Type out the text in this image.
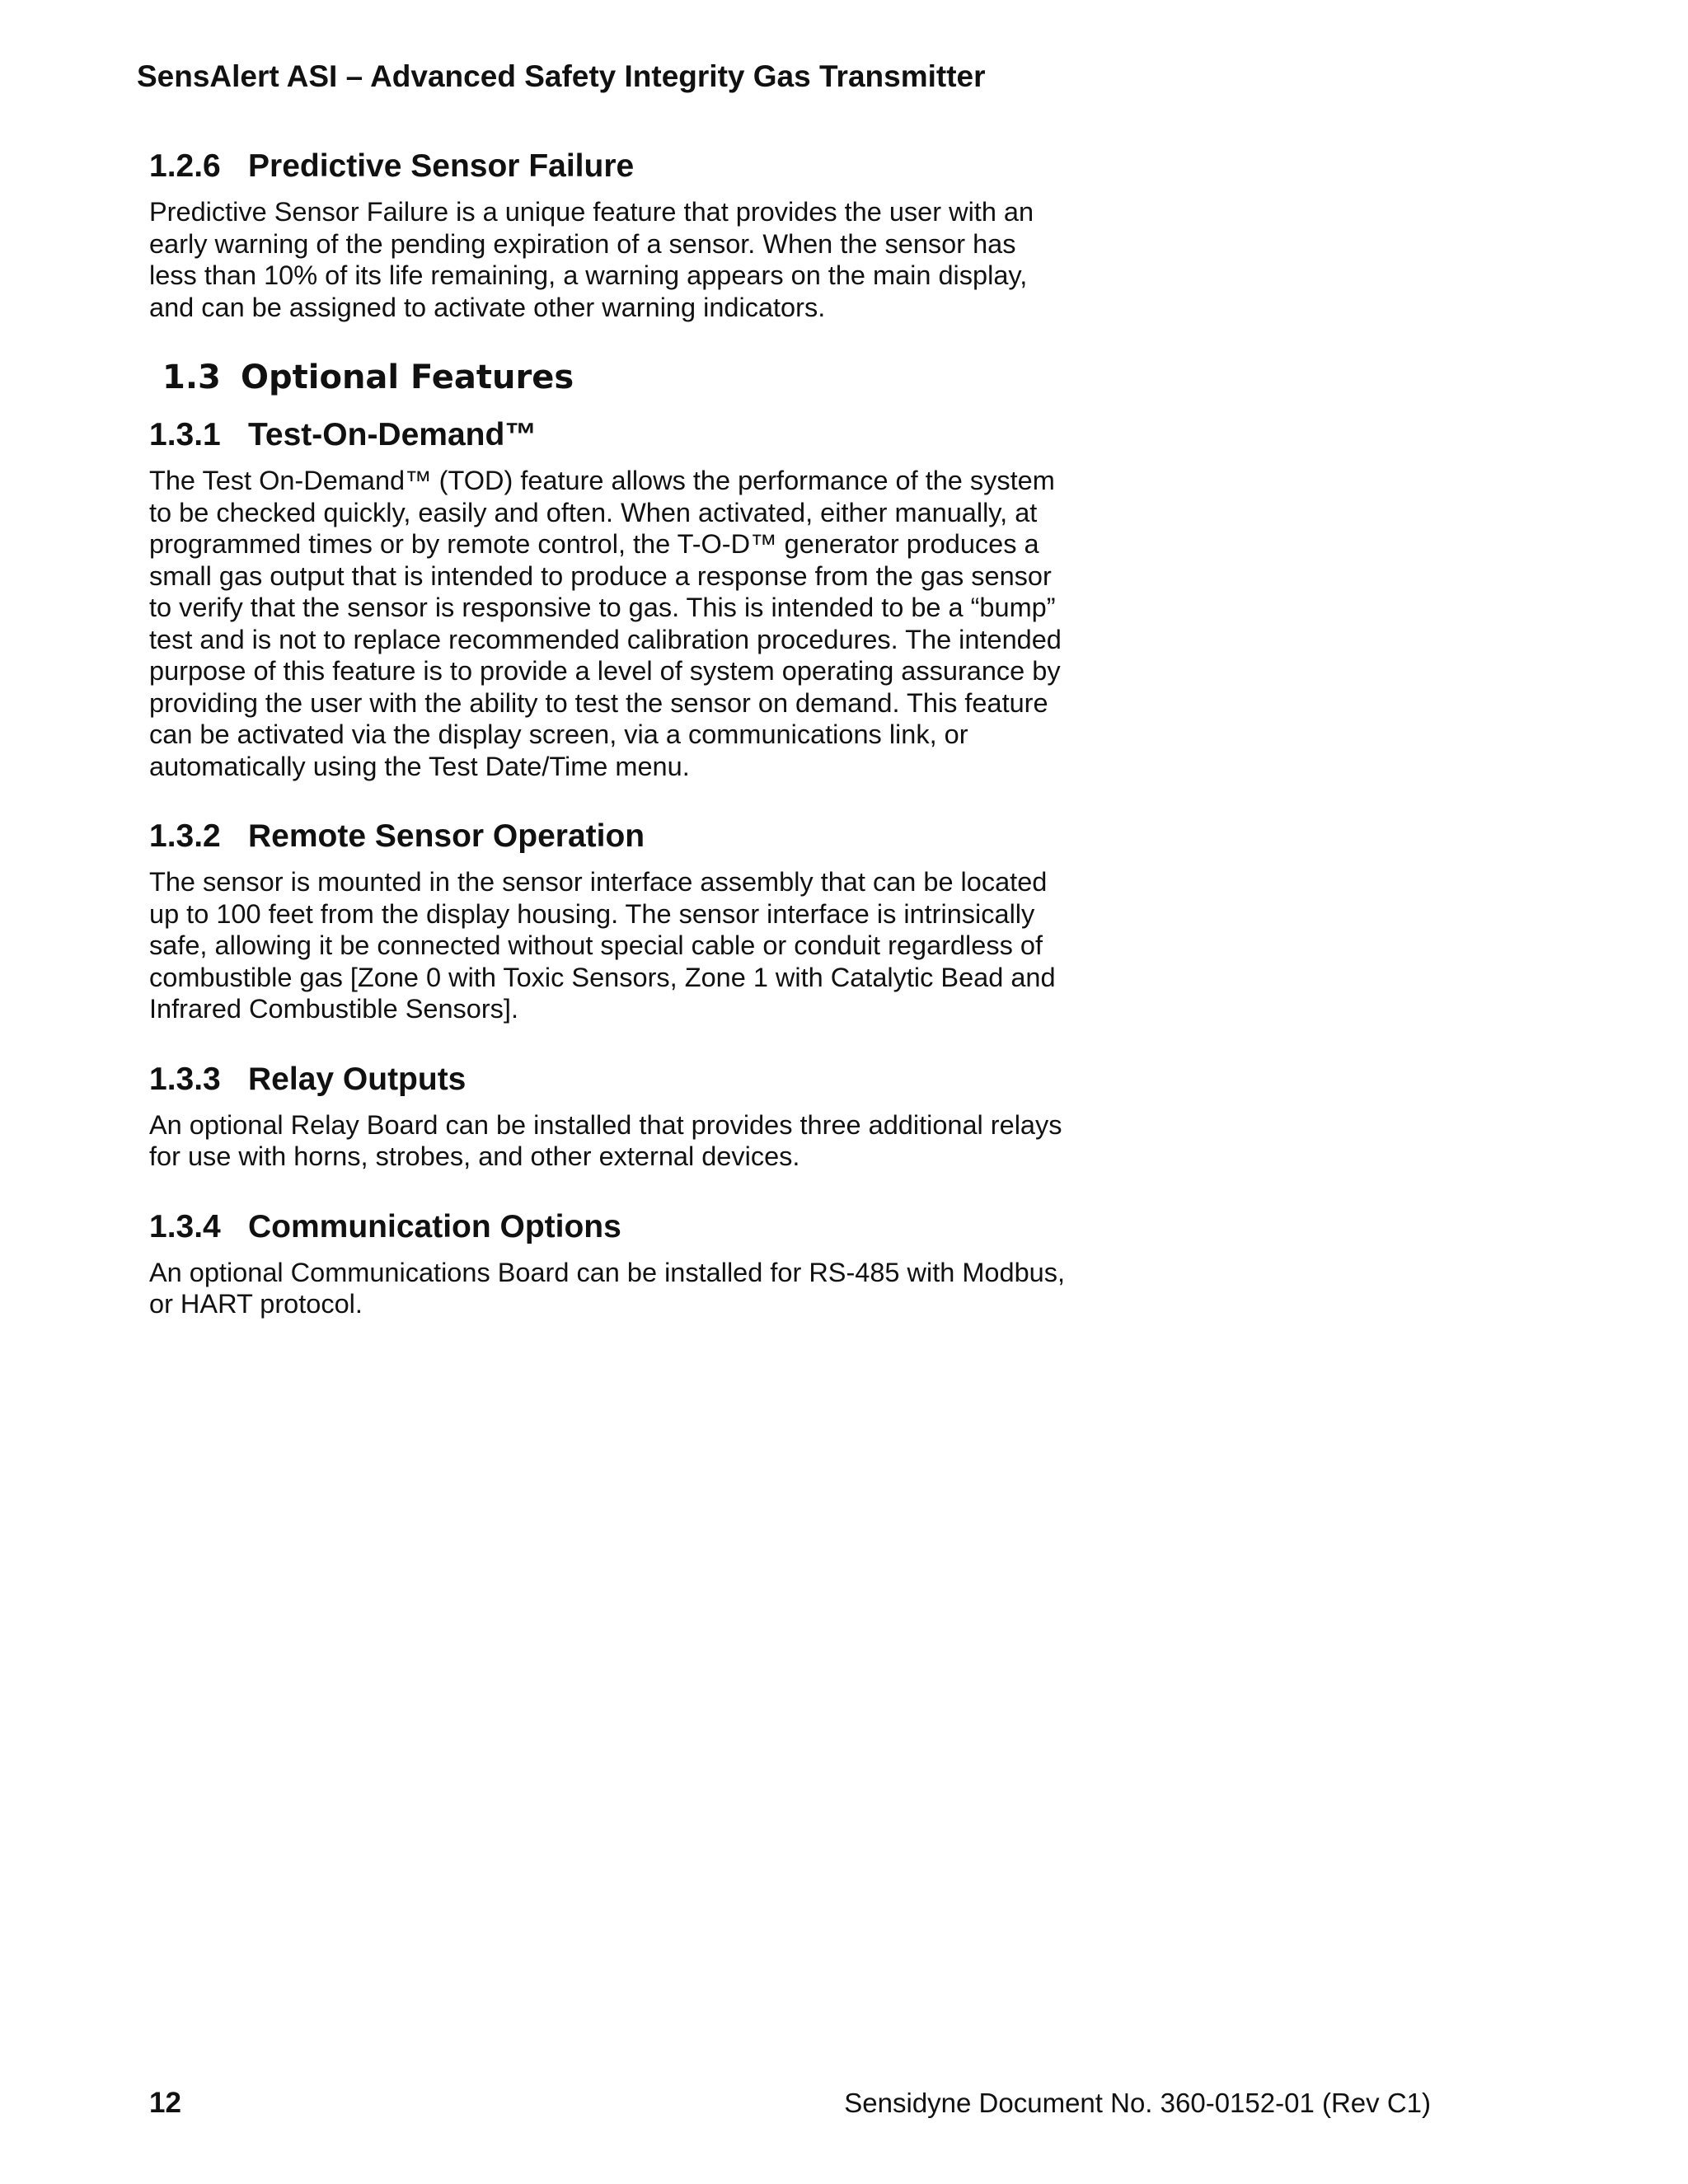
SensAlert ASI – Advanced Safety Integrity Gas Transmitter
1.2.6 Predictive Sensor Failure

Predictive Sensor Failure is a unique feature that provides the user with an
early warning of the pending expiration of a sensor. When the sensor has
less than 10% of its life remaining, a warning appears on the main display,
and can be assigned to activate other warning indicators.

1.3 Optional Features
1.3.1 Test-On-Demand™

The Test On-Demand™ (TOD) feature allows the performance of the system
to be checked quickly, easily and often. When activated, either manually, at
programmed times or by remote control, the T-O-D™ generator produces a
small gas output that is intended to produce a response from the gas sensor
to verify that the sensor is responsive to gas. This is intended to be a “bump”
test and is not to replace recommended calibration procedures. The intended
purpose of this feature is to provide a level of system operating assurance by
providing the user with the ability to test the sensor on demand. This feature
can be activated via the display screen, via a communications link, or
automatically using the Test Date/Time menu.

1.3.2 Remote Sensor Operation

The sensor is mounted in the sensor interface assembly that can be located
up to 100 feet from the display housing. The sensor interface is intrinsically
safe, allowing it be connected without special cable or conduit regardless of
combustible gas [Zone 0 with Toxic Sensors, Zone 1 with Catalytic Bead and
Infrared Combustible Sensors].

1.3.3 Relay Outputs

An optional Relay Board can be installed that provides three additional relays
for use with horns, strobes, and other external devices.

1.3.4 Communication Options

An optional Communications Board can be installed for RS-485 with Modbus,
or HART protocol.

12	Sensidyne Document No. 360-0152-01 (Rev C1)
